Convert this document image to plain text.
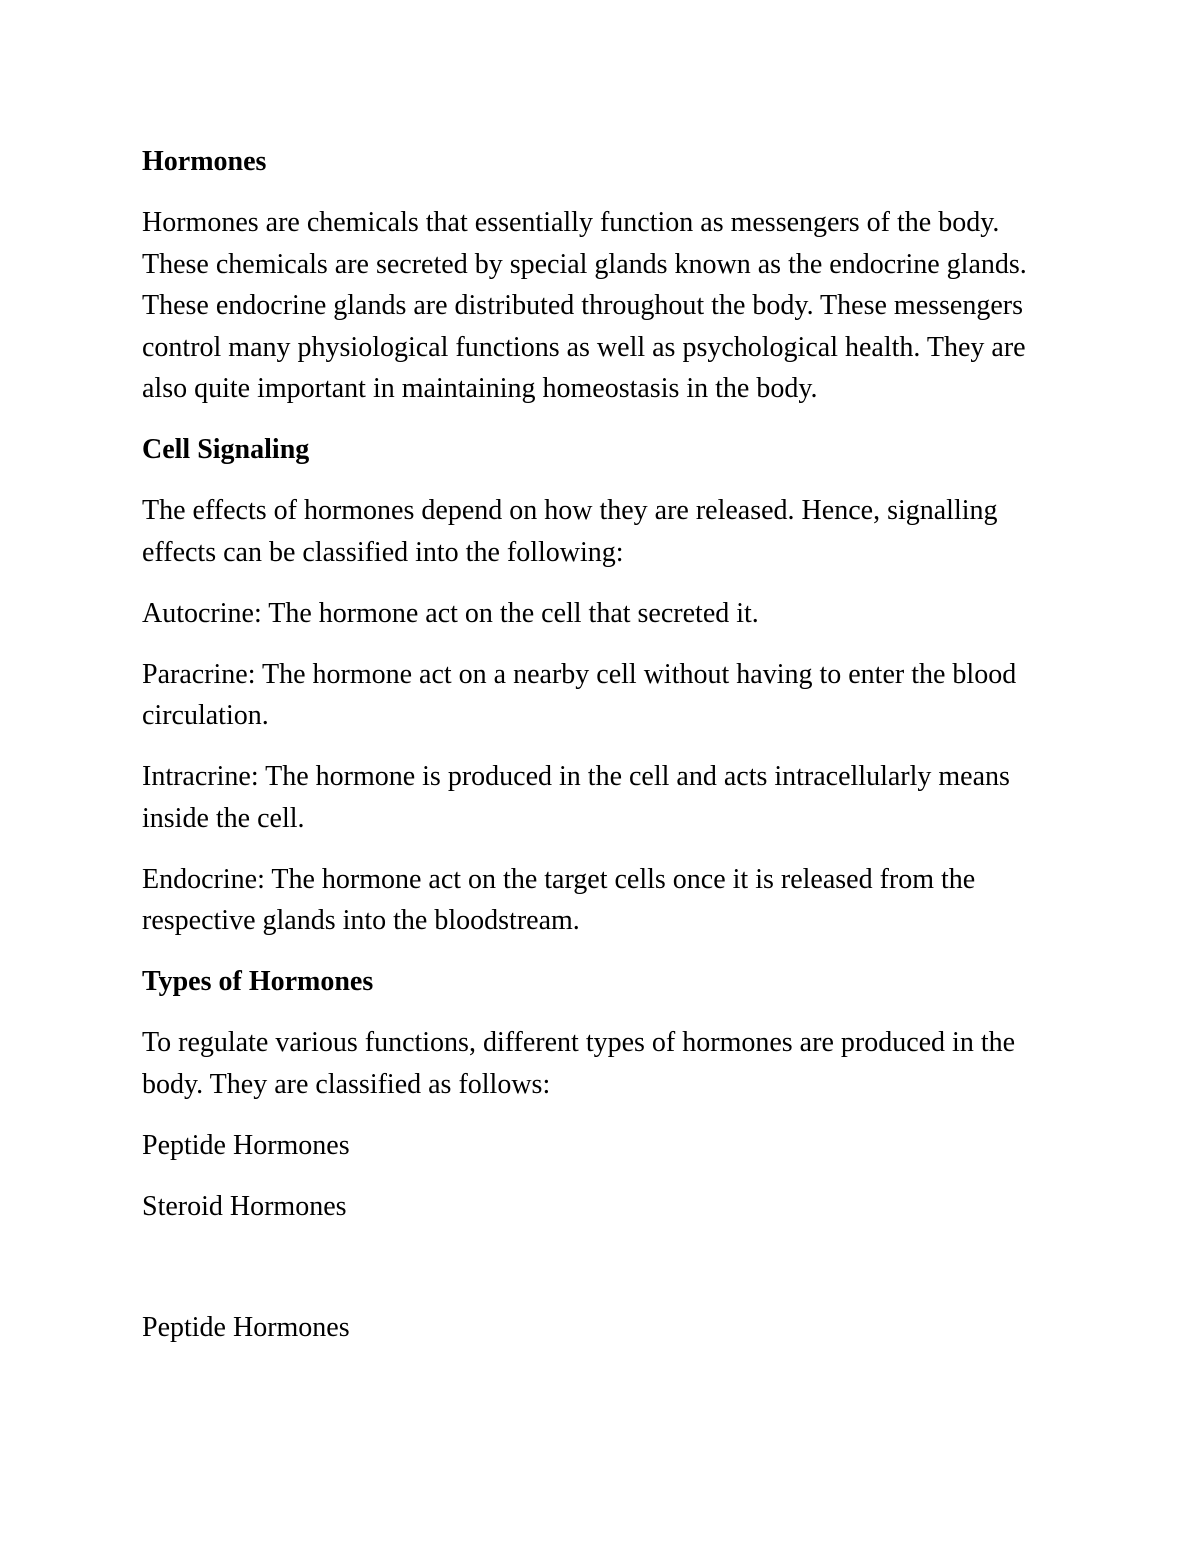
Hormones
Hormones are chemicals that essentially function as messengers of the body. These chemicals are secreted by special glands known as the endocrine glands. These endocrine glands are distributed throughout the body. These messengers control many physiological functions as well as psychological health. They are also quite important in maintaining homeostasis in the body.
Cell Signaling
The effects of hormones depend on how they are released. Hence, signalling effects can be classified into the following:
Autocrine: The hormone act on the cell that secreted it.
Paracrine: The hormone act on a nearby cell without having to enter the blood circulation.
Intracrine: The hormone is produced in the cell and acts intracellularly means inside the cell.
Endocrine: The hormone act on the target cells once it is released from the respective glands into the bloodstream.
Types of Hormones
To regulate various functions, different types of hormones are produced in the body. They are classified as follows:
Peptide Hormones
Steroid Hormones
Peptide Hormones
